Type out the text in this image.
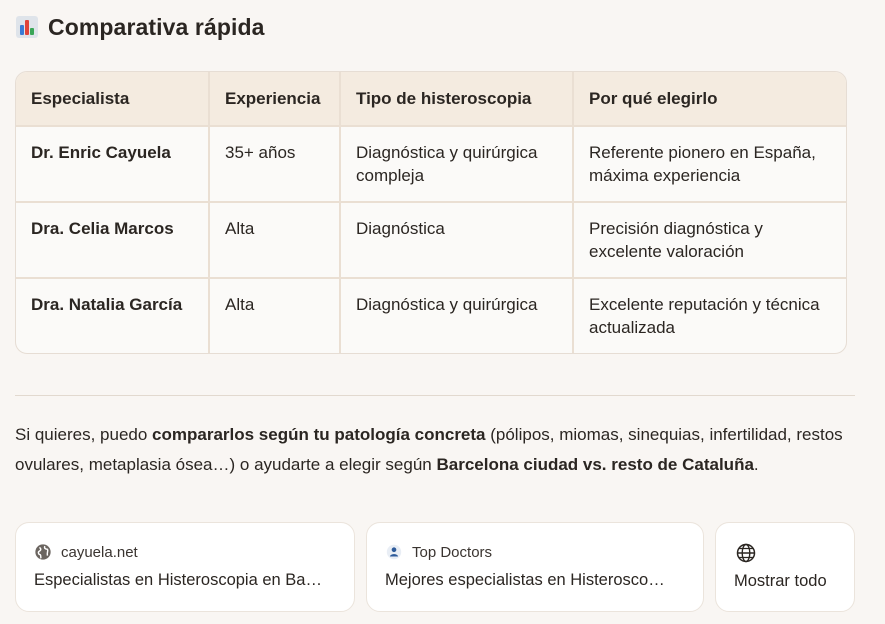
Comparativa rápida
Especialista	Experiencia	Tipo de histeroscopia	Por qué elegirlo
Dr. Enric Cayuela	35+ años	Diagnóstica y quirúrgica compleja	Referente pionero en España, máxima experiencia
Dra. Celia Marcos	Alta	Diagnóstica	Precisión diagnóstica y excelente valoración
Dra. Natalia García	Alta	Diagnóstica y quirúrgica	Excelente reputación y técnica actualizada

Si quieres, puedo compararlos según tu patología concreta (pólipos, miomas, sinequias, infertilidad, restos ovulares, metaplasia ósea…) o ayudarte a elegir según Barcelona ciudad vs. resto de Cataluña.

cayuela.net
Especialistas en Histeroscopia en Ba…
Top Doctors
Mejores especialistas en Histerosco…	Mostrar todo
